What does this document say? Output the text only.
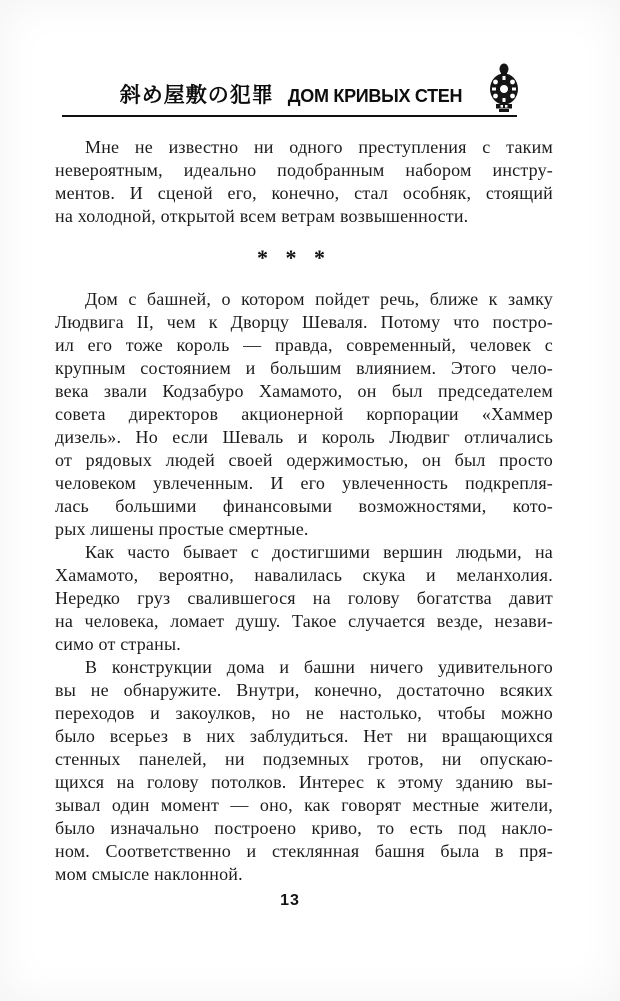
斜め屋敷の犯罪 ДОМ КРИВЫХ СТЕН
Мне не известно ни одного преступления с таким
невероятным, идеально подобранным набором инстру-
ментов. И сценой его, конечно, стал особняк, стоящий
на холодной, открытой всем ветрам возвышенности.
* * *
Дом с башней, о котором пойдет речь, ближе к замку
Людвига II, чем к Дворцу Шеваля. Потому что постро-
ил его тоже король — правда, современный, человек с
крупным состоянием и большим влиянием. Этого чело-
века звали Кодзабуро Хамамото, он был председателем
совета директоров акционерной корпорации «Хаммер
дизель». Но если Шеваль и король Людвиг отличались
от рядовых людей своей одержимостью, он был просто
человеком увлеченным. И его увлеченность подкрепля-
лась большими финансовыми возможностями, кото-
рых лишены простые смертные.
Как часто бывает с достигшими вершин людьми, на
Хамамото, вероятно, навалилась скука и меланхолия.
Нередко груз свалившегося на голову богатства давит
на человека, ломает душу. Такое случается везде, незави-
симо от страны.
В конструкции дома и башни ничего удивительного
вы не обнаружите. Внутри, конечно, достаточно всяких
переходов и закоулков, но не настолько, чтобы можно
было всерьез в них заблудиться. Нет ни вращающихся
стенных панелей, ни подземных гротов, ни опускаю-
щихся на голову потолков. Интерес к этому зданию вы-
зывал один момент — оно, как говорят местные жители,
было изначально построено криво, то есть под накло-
ном. Соответственно и стеклянная башня была в пря-
мом смысле наклонной.
13
